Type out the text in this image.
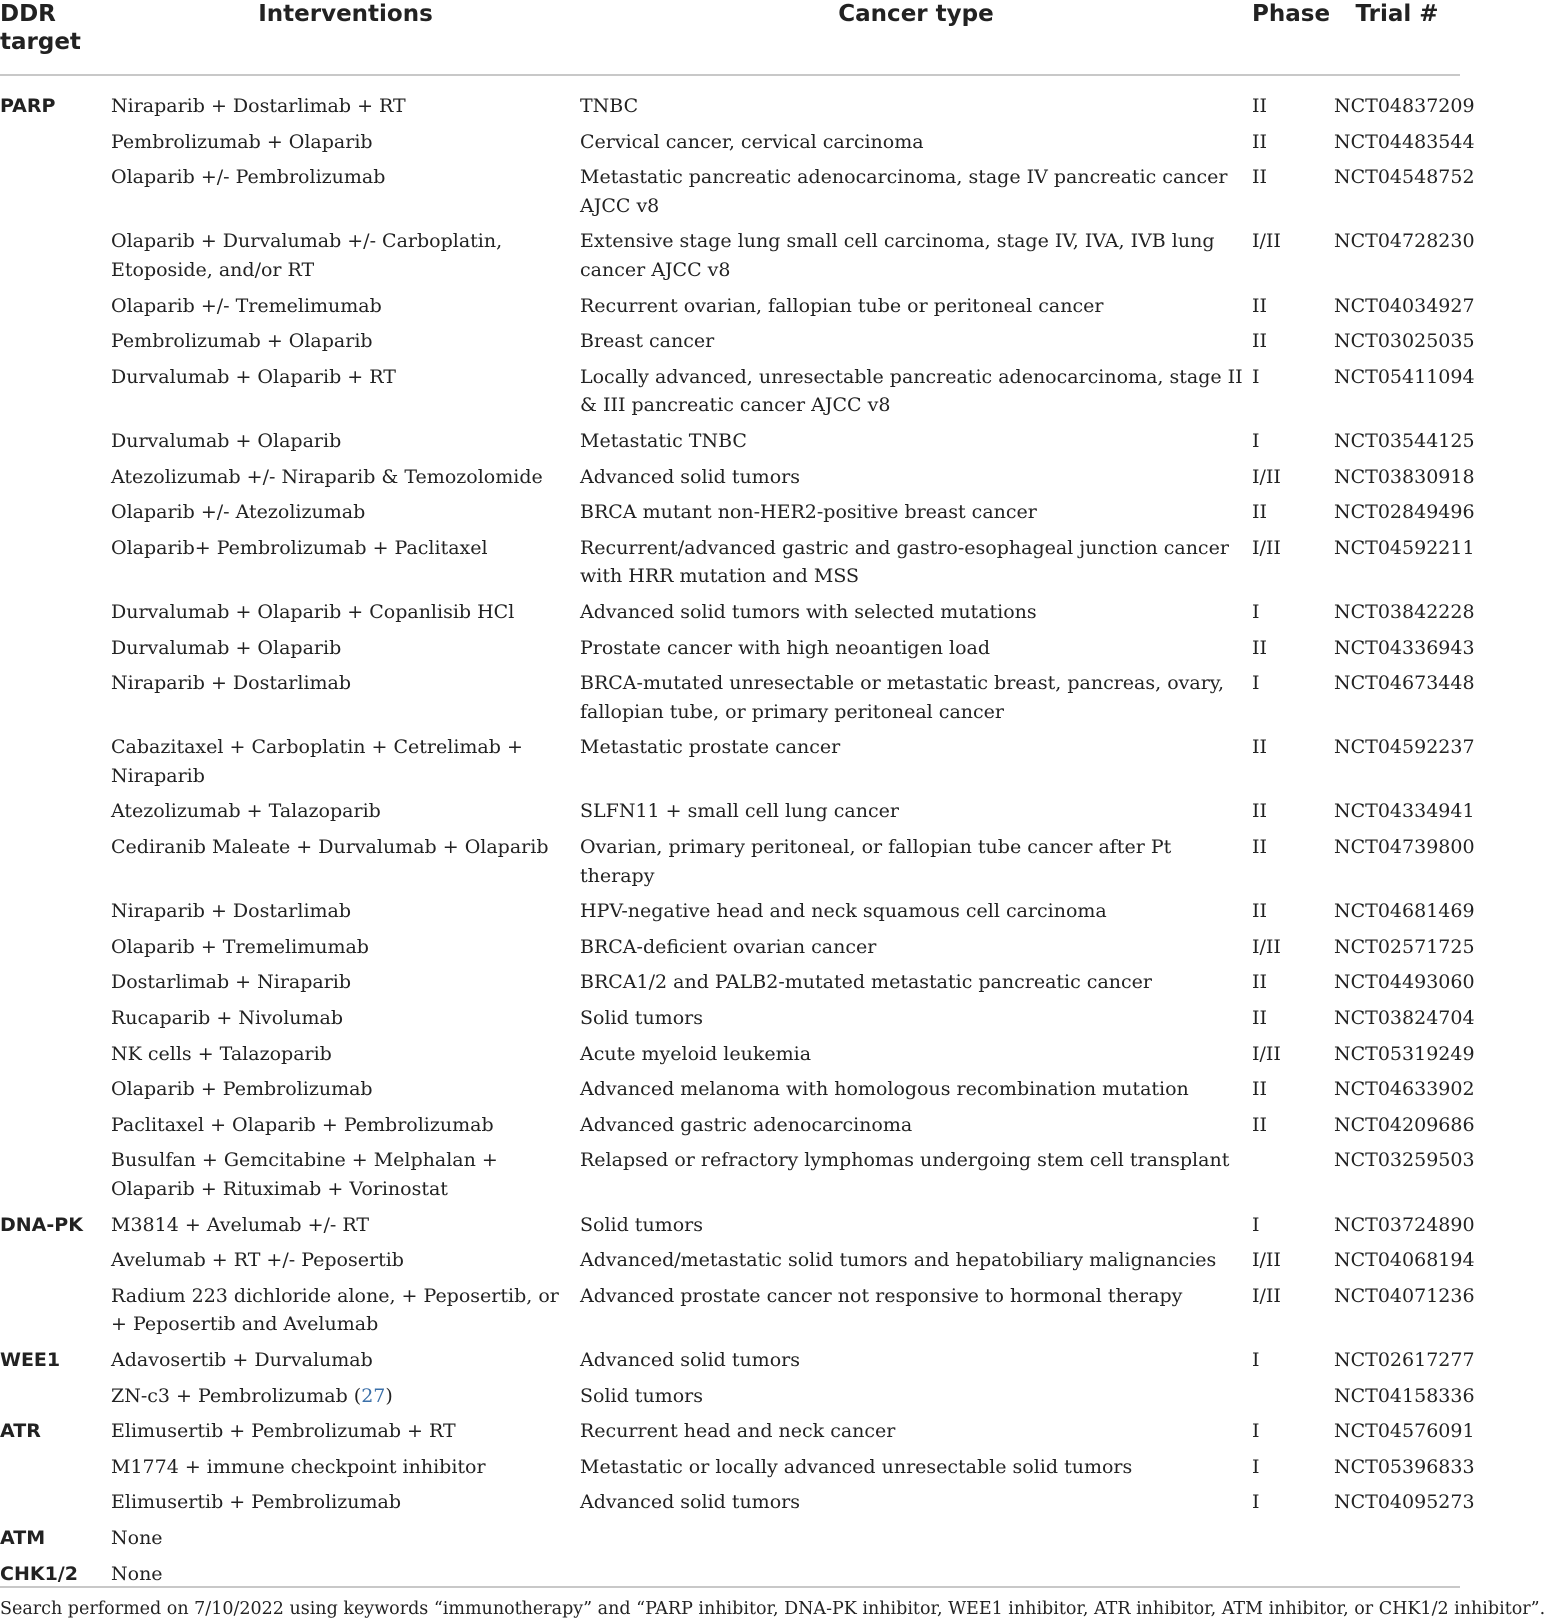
DDR target	Interventions	Cancer type	Phase	Trial #
PARP	Niraparib + Dostarlimab + RT	TNBC	II	NCT04837209
	Pembrolizumab + Olaparib	Cervical cancer, cervical carcinoma	II	NCT04483544
	Olaparib +/- Pembrolizumab	Metastatic pancreatic adenocarcinoma, stage IV pancreatic cancer AJCC v8	II	NCT04548752
	Olaparib + Durvalumab +/- Carboplatin, Etoposide, and/or RT	Extensive stage lung small cell carcinoma, stage IV, IVA, IVB lung cancer AJCC v8	I/II	NCT04728230
	Olaparib +/- Tremelimumab	Recurrent ovarian, fallopian tube or peritoneal cancer	II	NCT04034927
	Pembrolizumab + Olaparib	Breast cancer	II	NCT03025035
	Durvalumab + Olaparib + RT	Locally advanced, unresectable pancreatic adenocarcinoma, stage II & III pancreatic cancer AJCC v8	I	NCT05411094
	Durvalumab + Olaparib	Metastatic TNBC	I	NCT03544125
	Atezolizumab +/- Niraparib & Temozolomide	Advanced solid tumors	I/II	NCT03830918
	Olaparib +/- Atezolizumab	BRCA mutant non-HER2-positive breast cancer	II	NCT02849496
	Olaparib+ Pembrolizumab + Paclitaxel	Recurrent/advanced gastric and gastro-esophageal junction cancer with HRR mutation and MSS	I/II	NCT04592211
	Durvalumab + Olaparib + Copanlisib HCl	Advanced solid tumors with selected mutations	I	NCT03842228
	Durvalumab + Olaparib	Prostate cancer with high neoantigen load	II	NCT04336943
	Niraparib + Dostarlimab	BRCA-mutated unresectable or metastatic breast, pancreas, ovary, fallopian tube, or primary peritoneal cancer	I	NCT04673448
	Cabazitaxel + Carboplatin + Cetrelimab + Niraparib	Metastatic prostate cancer	II	NCT04592237
	Atezolizumab + Talazoparib	SLFN11 + small cell lung cancer	II	NCT04334941
	Cediranib Maleate + Durvalumab + Olaparib	Ovarian, primary peritoneal, or fallopian tube cancer after Pt therapy	II	NCT04739800
	Niraparib + Dostarlimab	HPV-negative head and neck squamous cell carcinoma	II	NCT04681469
	Olaparib + Tremelimumab	BRCA-deficient ovarian cancer	I/II	NCT02571725
	Dostarlimab + Niraparib	BRCA1/2 and PALB2-mutated metastatic pancreatic cancer	II	NCT04493060
	Rucaparib + Nivolumab	Solid tumors	II	NCT03824704
	NK cells + Talazoparib	Acute myeloid leukemia	I/II	NCT05319249
	Olaparib + Pembrolizumab	Advanced melanoma with homologous recombination mutation	II	NCT04633902
	Paclitaxel + Olaparib + Pembrolizumab	Advanced gastric adenocarcinoma	II	NCT04209686
	Busulfan + Gemcitabine + Melphalan + Olaparib + Rituximab + Vorinostat	Relapsed or refractory lymphomas undergoing stem cell transplant		NCT03259503
DNA-PK	M3814 + Avelumab +/- RT	Solid tumors	I	NCT03724890
	Avelumab + RT +/- Peposertib	Advanced/metastatic solid tumors and hepatobiliary malignancies	I/II	NCT04068194
	Radium 223 dichloride alone, + Peposertib, or + Peposertib and Avelumab	Advanced prostate cancer not responsive to hormonal therapy	I/II	NCT04071236
WEE1	Adavosertib + Durvalumab	Advanced solid tumors	I	NCT02617277
	ZN-c3 + Pembrolizumab (27)	Solid tumors		NCT04158336
ATR	Elimusertib + Pembrolizumab + RT	Recurrent head and neck cancer	I	NCT04576091
	M1774 + immune checkpoint inhibitor	Metastatic or locally advanced unresectable solid tumors	I	NCT05396833
	Elimusertib + Pembrolizumab	Advanced solid tumors	I	NCT04095273
ATM	None			
CHK1/2	None			
Search performed on 7/10/2022 using keywords “immunotherapy” and “PARP inhibitor, DNA-PK inhibitor, WEE1 inhibitor, ATR inhibitor, ATM inhibitor, or CHK1/2 inhibitor”.
